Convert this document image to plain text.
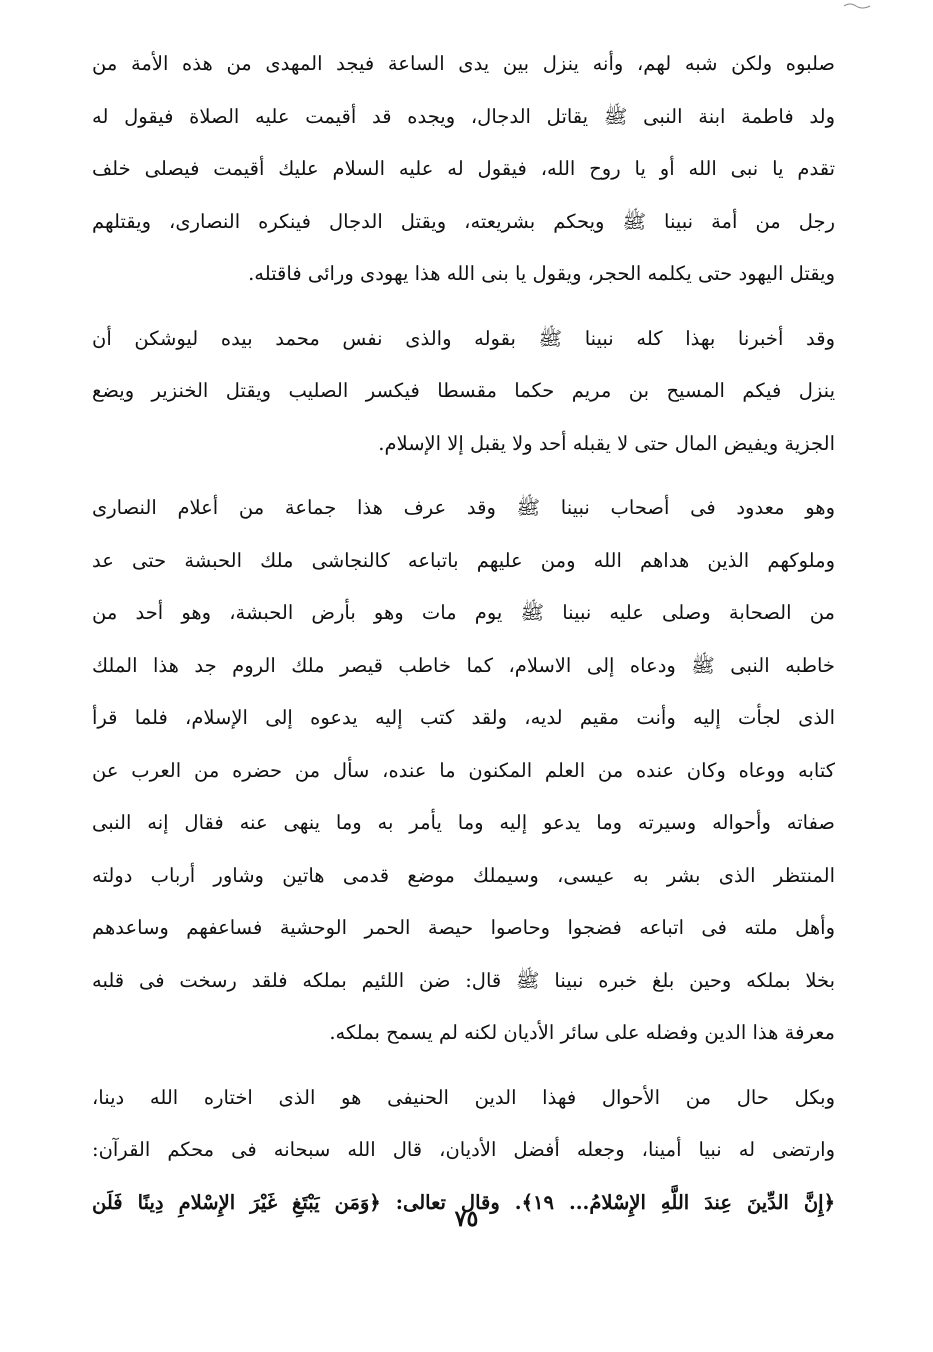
صلبوه ولكن شبه لهم، وأنه ينزل بين يدى الساعة فيجد المهدى من هذه الأمة من
ولد فاطمة ابنة النبى ﷺ يقاتل الدجال، ويجده قد أقيمت عليه الصلاة فيقول له
تقدم يا نبى الله أو يا روح الله، فيقول له عليه السلام عليك أقيمت فيصلى خلف
رجل من أمة نبينا ﷺ ويحكم بشريعته، ويقتل الدجال فينكره النصارى، ويقتلهم
ويقتل اليهود حتى يكلمه الحجر، ويقول يا بنى الله هذا يهودى ورائى فاقتله.
وقد أخبرنا بهذا كله نبينا ﷺ بقوله والذى نفس محمد بيده ليوشكن أن
ينزل فيكم المسيح بن مريم حكما مقسطا فيكسر الصليب ويقتل الخنزير ويضع
الجزية ويفيض المال حتى لا يقبله أحد ولا يقبل إلا الإسلام.
وهو معدود فى أصحاب نبينا ﷺ وقد عرف هذا جماعة من أعلام النصارى
وملوكهم الذين هداهم الله ومن عليهم باتباعه كالنجاشى ملك الحبشة حتى عد
من الصحابة وصلى عليه نبينا ﷺ يوم مات وهو بأرض الحبشة، وهو أحد من
خاطبه النبى ﷺ ودعاه إلى الاسلام، كما خاطب قيصر ملك الروم جد هذا الملك
الذى لجأت إليه وأنت مقيم لديه، ولقد كتب إليه يدعوه إلى الإسلام، فلما قرأ
كتابه ووعاه وكان عنده من العلم المكنون ما عنده، سأل من حضره من العرب عن
صفاته وأحواله وسيرته وما يدعو إليه وما يأمر به وما ينهى عنه فقال إنه النبى
المنتظر الذى بشر به عيسى، وسيملك موضع قدمى هاتين وشاور أرباب دولته
وأهل ملته فى اتباعه فضجوا وحاصوا حيصة الحمر الوحشية فساعفهم وساعدهم
بخلا بملكه وحين بلغ خبره نبينا ﷺ قال: ضن اللئيم بملكه فلقد رسخت فى قلبه
معرفة هذا الدين وفضله على سائر الأديان لكنه لم يسمح بملكه.
وبكل حال من الأحوال فهذا الدين الحنيفى هو الذى اختاره الله دينا،
وارتضى له نبيا أمينا، وجعله أفضل الأديان، قال الله سبحانه فى محكم القرآن:
﴿إِنَّ الدِّينَ عِندَ اللَّهِ الإِسْلامُ... ١٩﴾. وقال تعالى: ﴿وَمَن يَبْتَغِ غَيْرَ الإِسْلامِ دِينًا فَلَن
٧٥
